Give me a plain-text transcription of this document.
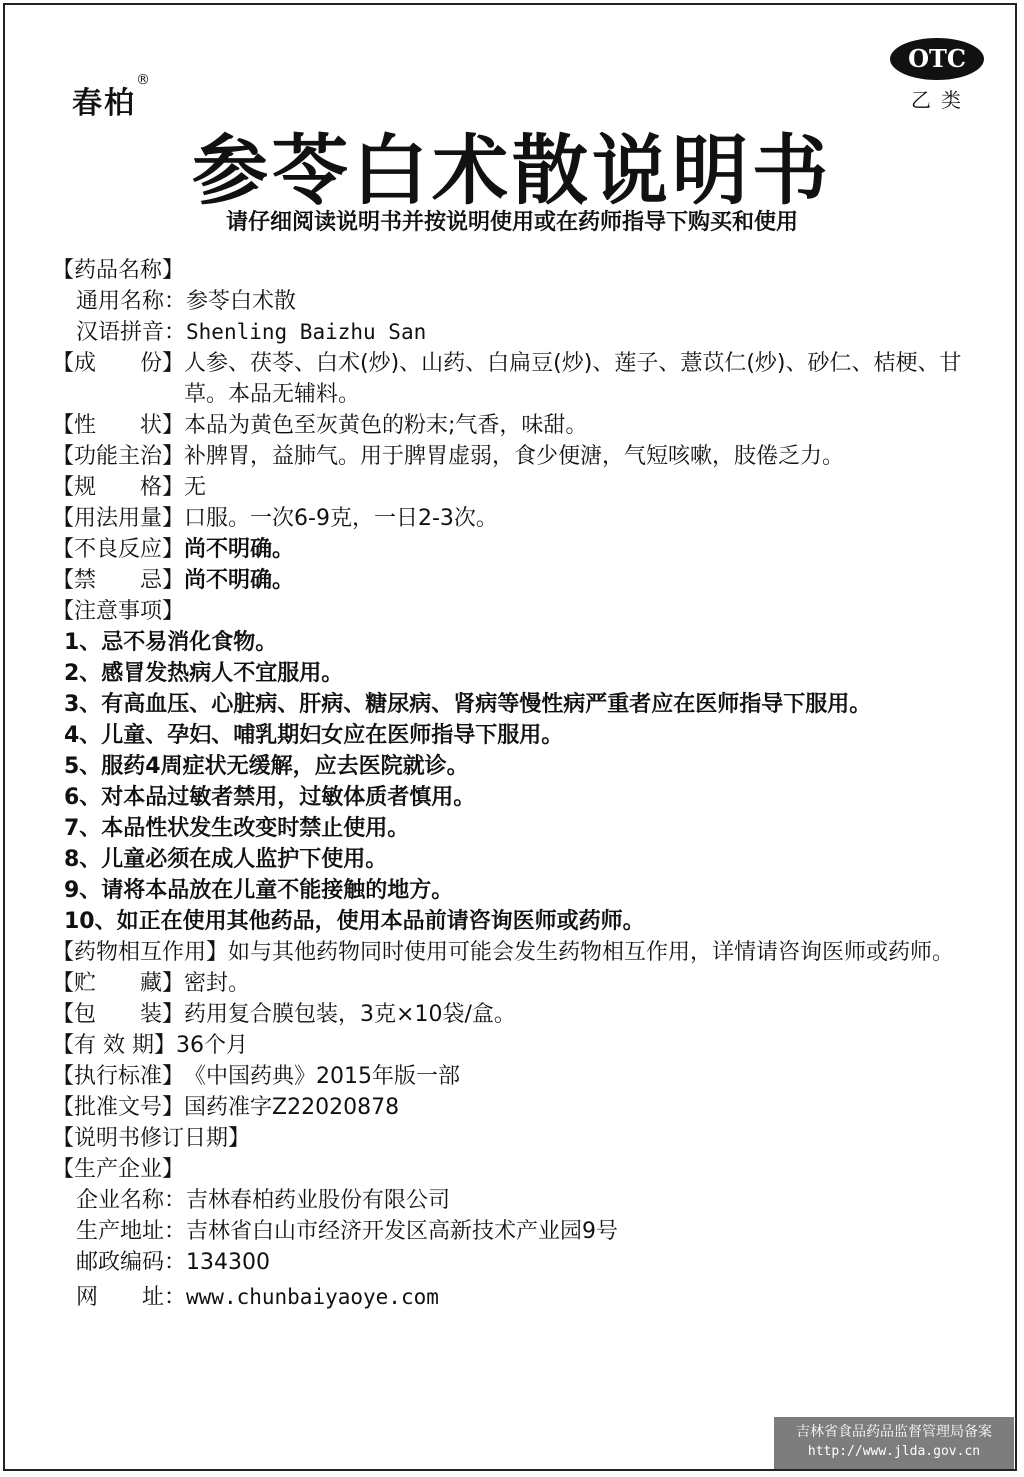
春柏®
OTC
乙类
参苓白术散说明书
请仔细阅读说明书并按说明使用或在药师指导下购买和使用
【药品名称】
通用名称： 参苓白术散
汉语拼音： Shenling Baizhu San
【成　　份】 人参、茯苓、白术(炒)、山药、白扁豆(炒)、莲子、薏苡仁(炒)、砂仁、桔梗、甘草。本品无辅料。
【性　　状】 本品为黄色至灰黄色的粉末;气香，味甜。
【功能主治】 补脾胃，益肺气。用于脾胃虚弱，食少便溏，气短咳嗽，肢倦乏力。
【规　　格】 无
【用法用量】 口服。一次6-9克，一日2-3次。
【不良反应】 尚不明确。
【禁　　忌】 尚不明确。
【注意事项】
1、忌不易消化食物。
2、感冒发热病人不宜服用。
3、有高血压、心脏病、肝病、糖尿病、肾病等慢性病严重者应在医师指导下服用。
4、儿童、孕妇、哺乳期妇女应在医师指导下服用。
5、服药4周症状无缓解，应去医院就诊。
6、对本品过敏者禁用，过敏体质者慎用。
7、本品性状发生改变时禁止使用。
8、儿童必须在成人监护下使用。
9、请将本品放在儿童不能接触的地方。
10、如正在使用其他药品，使用本品前请咨询医师或药师。
【药物相互作用】 如与其他药物同时使用可能会发生药物相互作用，详情请咨询医师或药师。
【贮　　藏】 密封。
【包　　装】 药用复合膜包装，3克×10袋/盒。
【有 效 期】 36个月
【执行标准】 《中国药典》2015年版一部
【批准文号】 国药准字Z22020878
【说明书修订日期】
【生产企业】
企业名称： 吉林春柏药业股份有限公司
生产地址： 吉林省白山市经济开发区高新技术产业园9号
邮政编码： 134300
网　　址： www.chunbaiyaoye.com
吉林省食品药品监督管理局备案
http://www.jlda.gov.cn
